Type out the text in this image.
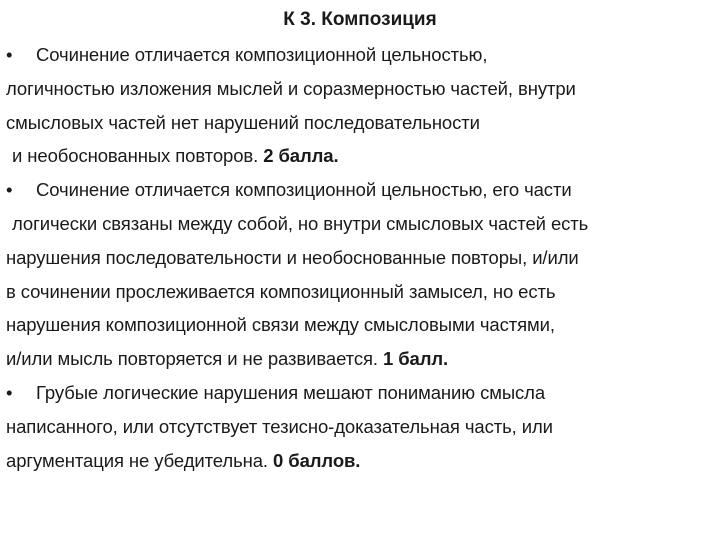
К 3. Композиция
• Сочинение отличается композиционной цельностью,
логичностью изложения мыслей и соразмерностью частей, внутри
смысловых частей нет нарушений последовательности
и необоснованных повторов. 2 балла.
• Сочинение отличается композиционной цельностью, его части
логически связаны между собой, но внутри смысловых частей есть
нарушения последовательности и необоснованные повторы, и/или
в сочинении прослеживается композиционный замысел, но есть
нарушения композиционной связи между смысловыми частями,
и/или мысль повторяется и не развивается. 1 балл.
• Грубые логические нарушения мешают пониманию смысла
написанного, или отсутствует тезисно-доказательная часть, или
аргументация не убедительна. 0 баллов.
